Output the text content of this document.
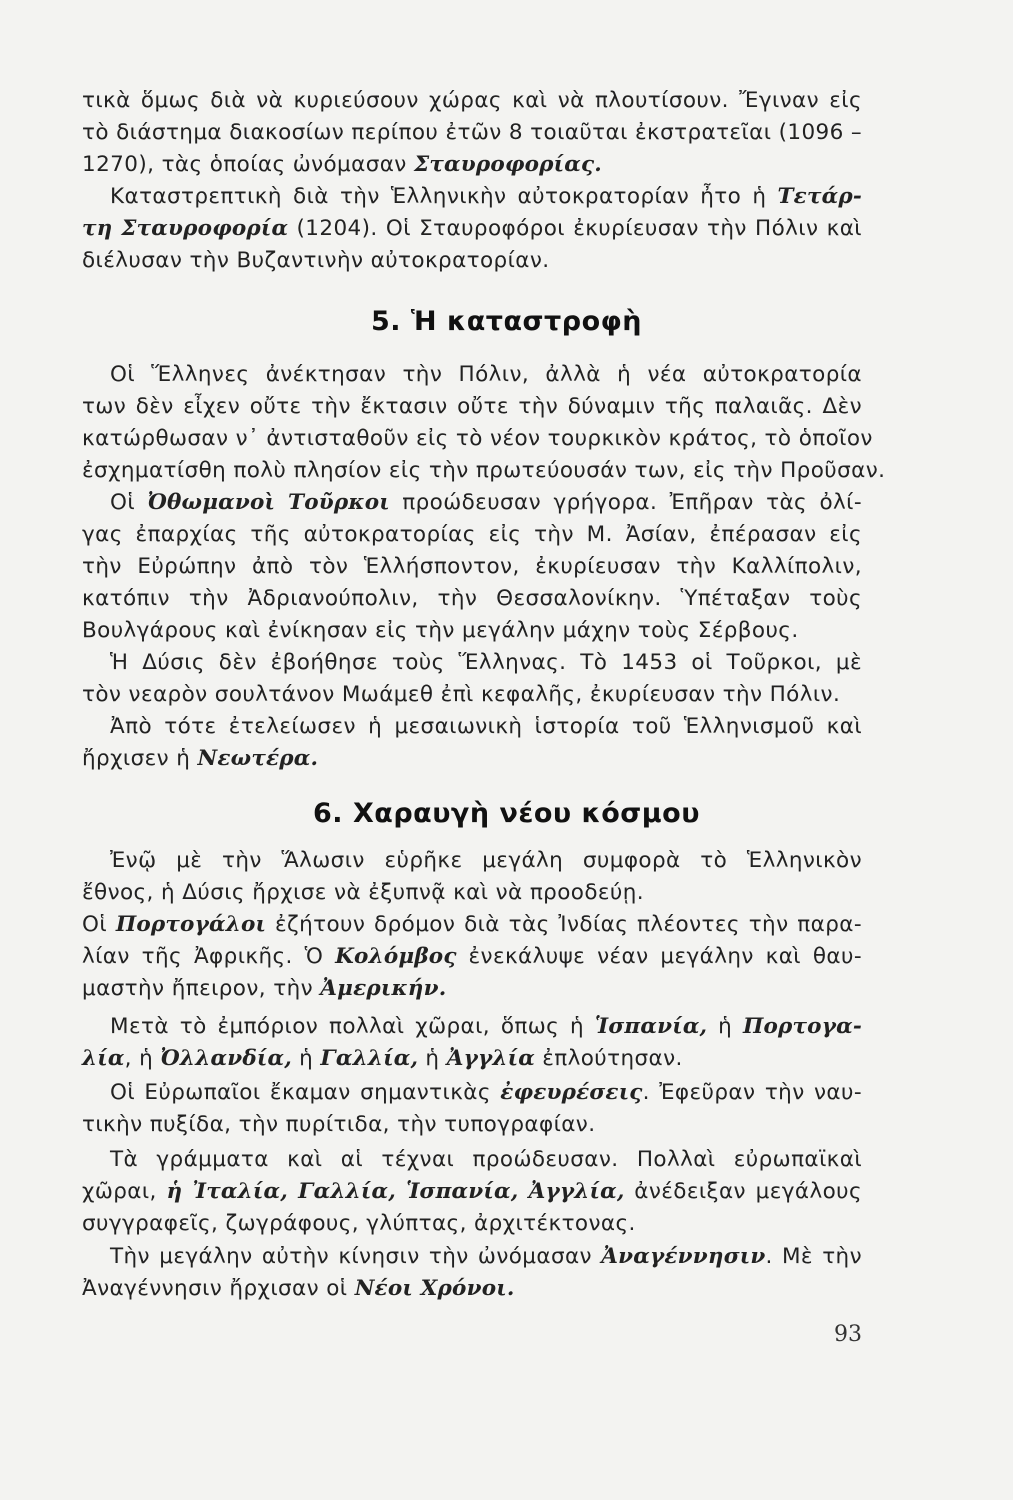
τικὰ ὅμως διὰ νὰ κυριεύσουν χώρας καὶ νὰ πλουτίσουν. Ἔγιναν εἰς
τὸ διάστημα διακοσίων περίπου ἐτῶν 8 τοιαῦται ἐκστρατεῖαι (1096 –
1270), τὰς ὁποίας ὠνόμασαν Σταυροφορίας.
Καταστρεπτικὴ διὰ τὴν Ἑλληνικὴν αὐτοκρατορίαν ἦτο ἡ Τετάρ-
τη Σταυροφορία (1204). Οἱ Σταυροφόροι ἐκυρίευσαν τὴν Πόλιν καὶ
διέλυσαν τὴν Βυζαντινὴν αὐτοκρατορίαν.
5. Ἡ καταστροφὴ
Οἱ Ἕλληνες ἀνέκτησαν τὴν Πόλιν, ἀλλὰ ἡ νέα αὐτοκρατορία
των δὲν εἶχεν οὔτε τὴν ἔκτασιν οὔτε τὴν δύναμιν τῆς παλαιᾶς. Δὲν
κατώρθωσαν ν᾽ ἀντισταθοῦν εἰς τὸ νέον τουρκικὸν κράτος, τὸ ὁποῖον
ἐσχηματίσθη πολὺ πλησίον εἰς τὴν πρωτεύουσάν των, εἰς τὴν Προῦσαν.
Οἱ Ὀθωμανοὶ Τοῦρκοι προώδευσαν γρήγορα. Ἐπῆραν τὰς ὀλί-
γας ἐπαρχίας τῆς αὐτοκρατορίας εἰς τὴν Μ. Ἀσίαν, ἐπέρασαν εἰς
τὴν Εὐρώπην ἀπὸ τὸν Ἑλλήσποντον, ἐκυρίευσαν τὴν Καλλίπολιν,
κατόπιν τὴν Ἀδριανούπολιν, τὴν Θεσσαλονίκην. Ὑπέταξαν τοὺς
Βουλγάρους καὶ ἐνίκησαν εἰς τὴν μεγάλην μάχην τοὺς Σέρβους.
Ἡ Δύσις δὲν ἐβοήθησε τοὺς Ἕλληνας. Τὸ 1453 οἱ Τοῦρκοι, μὲ
τὸν νεαρὸν σουλτάνον Μωάμεθ ἐπὶ κεφαλῆς, ἐκυρίευσαν τὴν Πόλιν.
Ἀπὸ τότε ἐτελείωσεν ἡ μεσαιωνικὴ ἱστορία τοῦ Ἑλληνισμοῦ καὶ
ἤρχισεν ἡ Νεωτέρα.
6. Χαραυγὴ νέου κόσμου
Ἐνῷ μὲ τὴν Ἅλωσιν εὑρῆκε μεγάλη συμφορὰ τὸ Ἑλληνικὸν
ἔθνος, ἡ Δύσις ἤρχισε νὰ ἐξυπνᾷ καὶ νὰ προοδεύῃ.
Οἱ Πορτογάλοι ἐζήτουν δρόμον διὰ τὰς Ἰνδίας πλέοντες τὴν παρα-
λίαν τῆς Ἀφρικῆς. Ὁ Κολόμβος ἐνεκάλυψε νέαν μεγάλην καὶ θαυ-
μαστὴν ἤπειρον, τὴν Ἀμερικήν.
Μετὰ τὸ ἐμπόριον πολλαὶ χῶραι, ὅπως ἡ Ἱσπανία, ἡ Πορτογα-
λία, ἡ Ὀλλανδία, ἡ Γαλλία, ἡ Ἀγγλία ἐπλούτησαν.
Οἱ Εὐρωπαῖοι ἔκαμαν σημαντικὰς ἐφευρέσεις. Ἐφεῦραν τὴν ναυ-
τικὴν πυξίδα, τὴν πυρίτιδα, τὴν τυπογραφίαν.
Τὰ γράμματα καὶ αἱ τέχναι προώδευσαν. Πολλαὶ εὐρωπαϊκαὶ
χῶραι, ἡ Ἰταλία, Γαλλία, Ἱσπανία, Ἀγγλία, ἀνέδειξαν μεγάλους
συγγραφεῖς, ζωγράφους, γλύπτας, ἀρχιτέκτονας.
Τὴν μεγάλην αὐτὴν κίνησιν τὴν ὠνόμασαν Ἀναγέννησιν. Μὲ τὴν
Ἀναγέννησιν ἤρχισαν οἱ Νέοι Χρόνοι.
93
